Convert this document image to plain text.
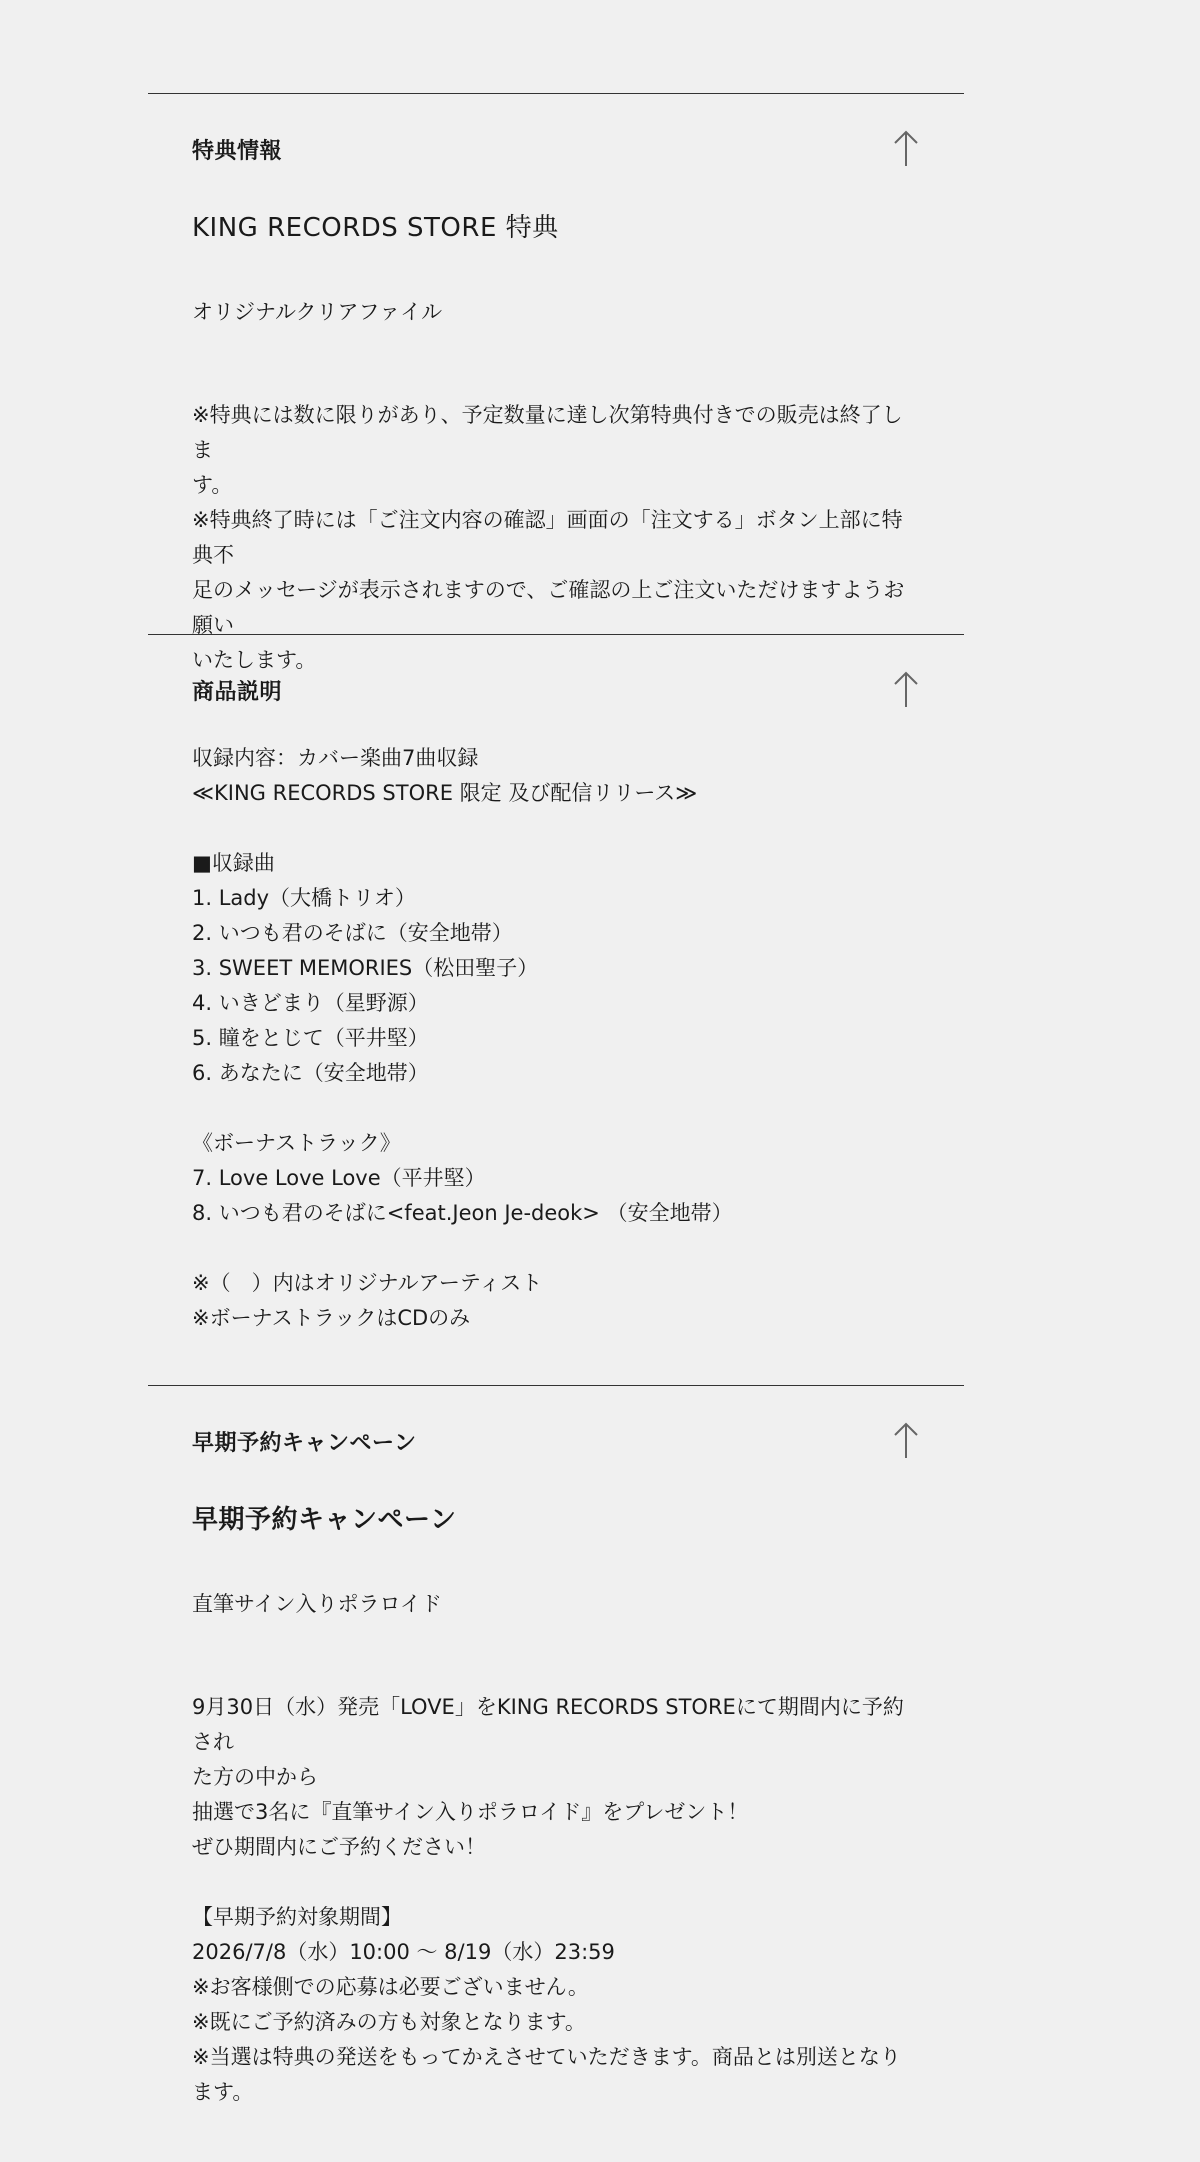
特典情報
KING RECORDS STORE 特典
オリジナルクリアファイル

※特典には数に限りがあり、予定数量に達し次第特典付きでの販売は終了しま
す。
※特典終了時には「ご注文内容の確認」画面の「注文する」ボタン上部に特典不
足のメッセージが表示されますので、ご確認の上ご注文いただけますようお願い
いたします。

商品説明

収録内容：カバー楽曲7曲収録
≪KING RECORDS STORE 限定 及び配信リリース≫

■収録曲
1. Lady（大橋トリオ）
2. いつも君のそばに（安全地帯）
3. SWEET MEMORIES（松田聖子）
4. いきどまり（星野源）
5. 瞳をとじて（平井堅）
6. あなたに（安全地帯）

《ボーナストラック》
7. Love Love Love（平井堅）
8. いつも君のそばに<feat.Jeon Je-deok> （安全地帯）

※（　）内はオリジナルアーティスト
※ボーナストラックはCDのみ

早期予約キャンペーン
早期予約キャンペーン
直筆サイン入りポラロイド

9月30日（水）発売「LOVE」をKING RECORDS STOREにて期間内に予約され
た方の中から
抽選で3名に『直筆サイン入りポラロイド』をプレゼント！
ぜひ期間内にご予約ください！

【早期予約対象期間】
2026/7/8（水）10:00 〜 8/19（水）23:59
※お客様側での応募は必要ございません。
※既にご予約済みの方も対象となります。
※当選は特典の発送をもってかえさせていただきます。商品とは別送となります。
